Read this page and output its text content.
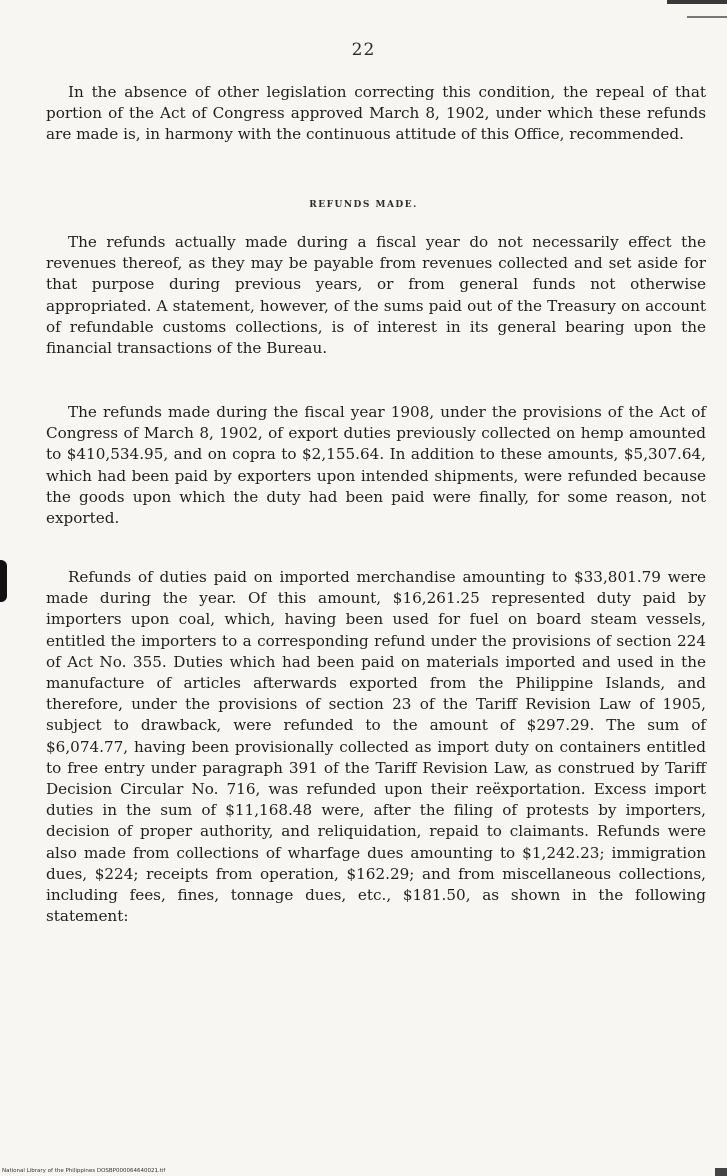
22

In the absence of other legislation correcting this condition, the repeal of that portion of the Act of Congress approved March 8, 1902, under which these refunds are made is, in harmony with the continuous attitude of this Office, recommended.

REFUNDS MADE.

The refunds actually made during a fiscal year do not necessarily effect the revenues thereof, as they may be payable from revenues collected and set aside for that purpose during previous years, or from general funds not otherwise appropriated. A statement, however, of the sums paid out of the Treasury on account of refundable customs collections, is of interest in its general bearing upon the financial transactions of the Bureau.

The refunds made during the fiscal year 1908, under the provisions of the Act of Congress of March 8, 1902, of export duties previously collected on hemp amounted to $410,534.95, and on copra to $2,155.64. In addition to these amounts, $5,307.64, which had been paid by exporters upon intended shipments, were refunded because the goods upon which the duty had been paid were finally, for some reason, not exported.

Refunds of duties paid on imported merchandise amounting to $33,801.79 were made during the year. Of this amount, $16,261.25 represented duty paid by importers upon coal, which, having been used for fuel on board steam vessels, entitled the importers to a corresponding refund under the provisions of section 224 of Act No. 355. Duties which had been paid on materials imported and used in the manufacture of articles afterwards exported from the Philippine Islands, and therefore, under the provisions of section 23 of the Tariff Revision Law of 1905, subject to drawback, were refunded to the amount of $297.29. The sum of $6,074.77, having been provisionally collected as import duty on containers entitled to free entry under paragraph 391 of the Tariff Revision Law, as construed by Tariff Decision Circular No. 716, was refunded upon their reëxportation. Excess import duties in the sum of $11,168.48 were, after the filing of protests by importers, decision of proper authority, and reliquidation, repaid to claimants. Refunds were also made from collections of wharfage dues amounting to $1,242.23; immigration dues, $224; receipts from operation, $162.29; and from miscellaneous collections, including fees, fines, tonnage dues, etc., $181.50, as shown in the following statement:

National Library of the Philippines DOSBP000064640021.tif
